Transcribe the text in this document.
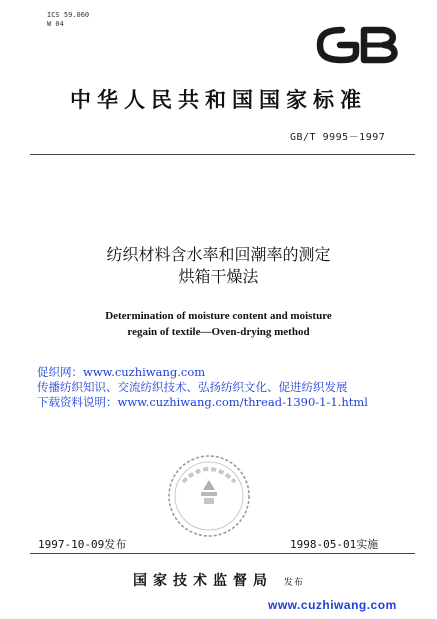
ICS 59.060
W 04
中华人民共和国国家标准
GB/T 9995－1997
纺织材料含水率和回潮率的测定
烘箱干燥法
Determination of moisture content and moisture
regain of textile—Oven-drying method
促织网：www.cuzhiwang.com
传播纺织知识、交流纺织技术、弘扬纺织文化、促进纺织发展
下载资料说明：www.cuzhiwang.com/thread-1390-1-1.html
1997-10-09发布	1998-05-01实施
国家技术监督局 发布
www.cuzhiwang.com
